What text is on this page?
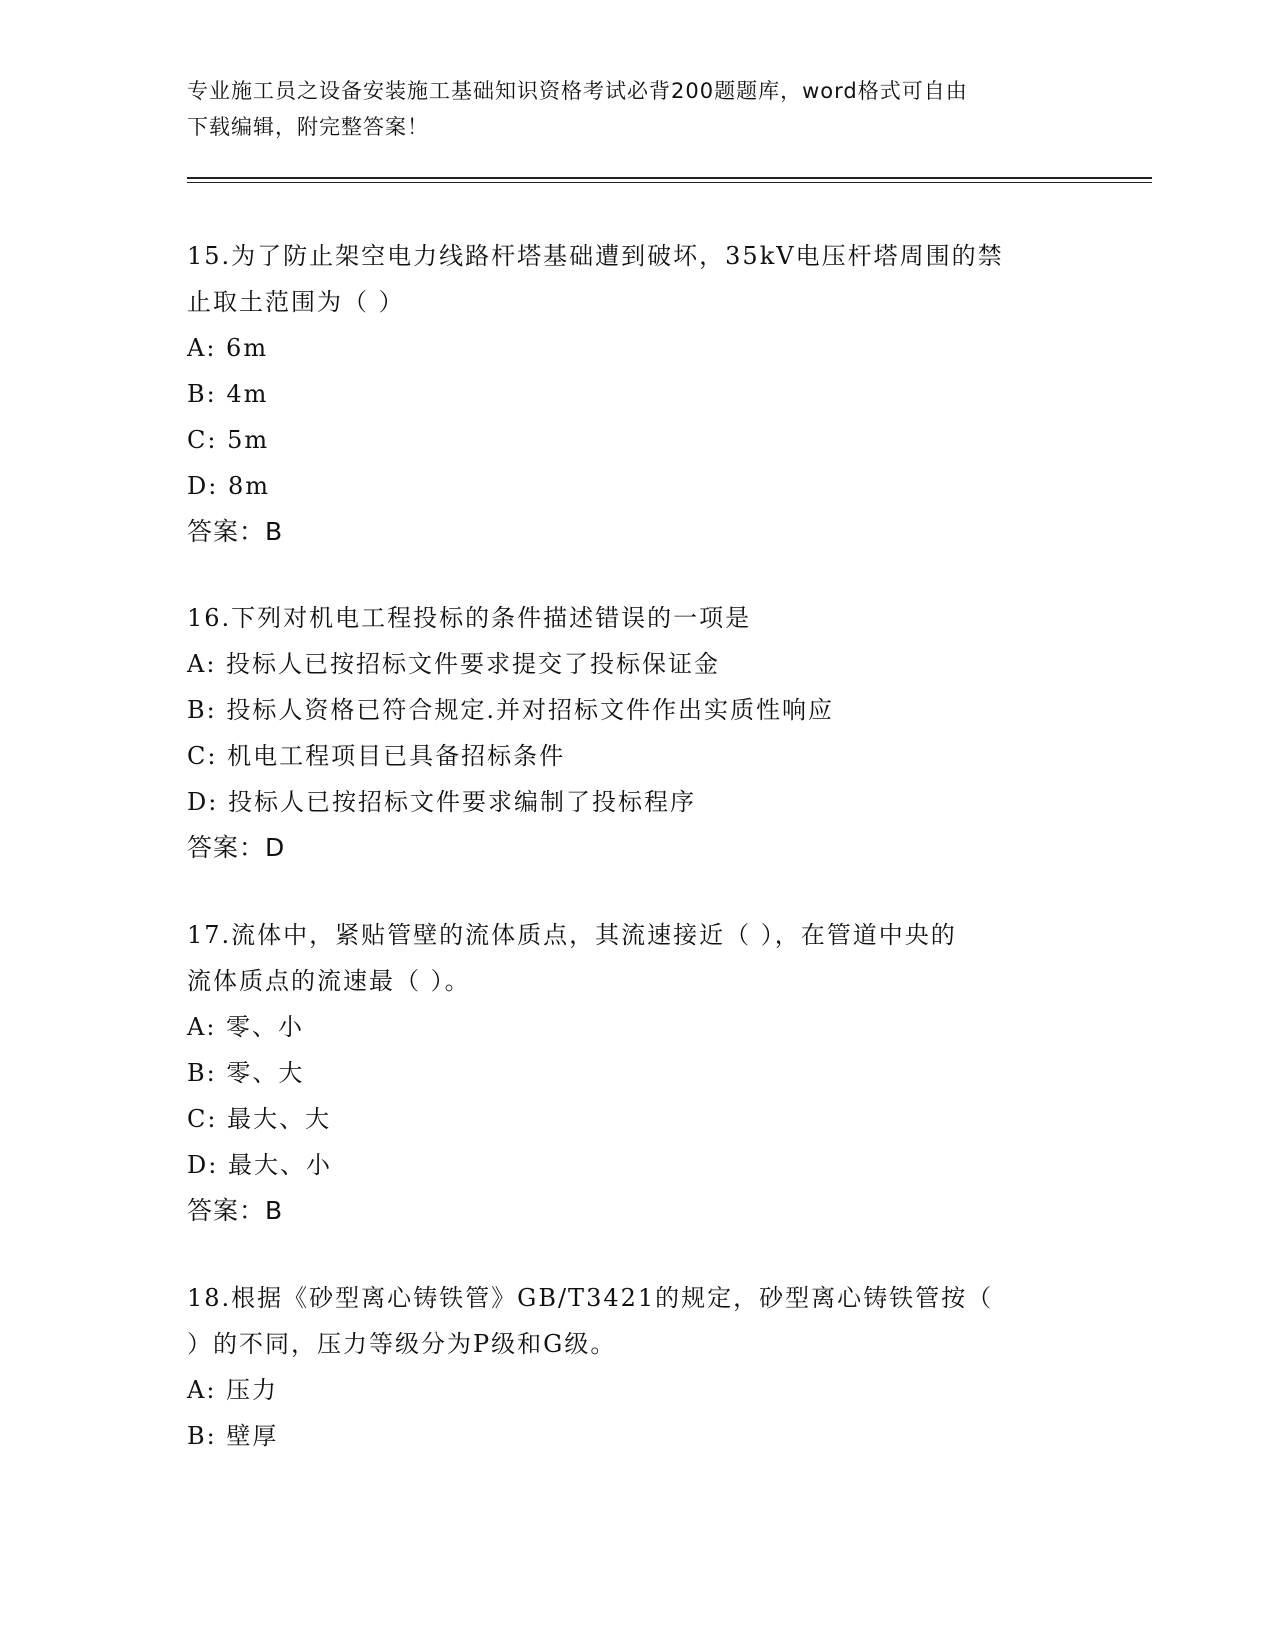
专业施工员之设备安装施工基础知识资格考试必背200题题库，word格式可自由
下载编辑，附完整答案！
15.为了防止架空电力线路杆塔基础遭到破坏，35kV电压杆塔周围的禁
止取土范围为（ ）
A: 6m
B: 4m
C: 5m
D: 8m
答案：B
16.下列对机电工程投标的条件描述错误的一项是
A: 投标人已按招标文件要求提交了投标保证金
B: 投标人资格已符合规定.并对招标文件作出实质性响应
C: 机电工程项目已具备招标条件
D: 投标人已按招标文件要求编制了投标程序
答案：D
17.流体中，紧贴管壁的流体质点，其流速接近（ ），在管道中央的
流体质点的流速最（ ）。
A: 零、小
B: 零、大
C: 最大、大
D: 最大、小
答案：B
18.根据《砂型离心铸铁管》GB/T3421的规定，砂型离心铸铁管按（
）的不同，压力等级分为P级和G级。
A: 压力
B: 壁厚
